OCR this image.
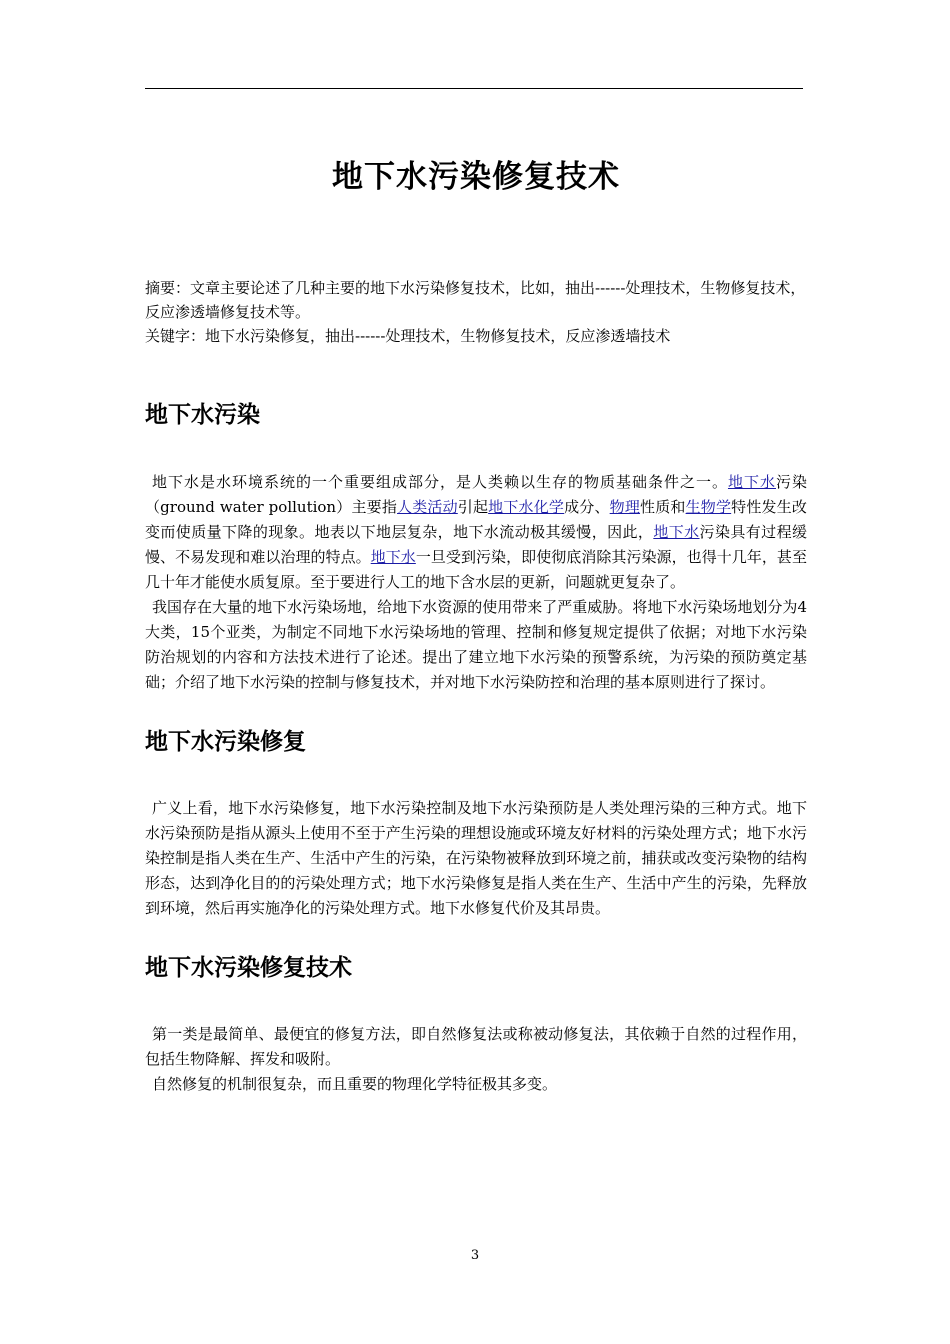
地下水污染修复技术

摘要：文章主要论述了几种主要的地下水污染修复技术，比如，抽出------处理技术，生物修复技术，反应渗透墙修复技术等。

关键字：地下水污染修复，抽出------处理技术，生物修复技术，反应渗透墙技术

地下水污染

地下水是水环境系统的一个重要组成部分，是人类赖以生存的物质基础条件之一。地下水污染（ground water pollution）主要指人类活动引起地下水化学成分、物理性质和生物学特性发生改变而使质量下降的现象。地表以下地层复杂，地下水流动极其缓慢，因此，地下水污染具有过程缓慢、不易发现和难以治理的特点。地下水一旦受到污染，即使彻底消除其污染源，也得十几年，甚至几十年才能使水质复原。至于要进行人工的地下含水层的更新，问题就更复杂了。

我国存在大量的地下水污染场地，给地下水资源的使用带来了严重威胁。将地下水污染场地划分为4大类，15个亚类，为制定不同地下水污染场地的管理、控制和修复规定提供了依据；对地下水污染防治规划的内容和方法技术进行了论述。提出了建立地下水污染的预警系统，为污染的预防奠定基础；介绍了地下水污染的控制与修复技术，并对地下水污染防控和治理的基本原则进行了探讨。

地下水污染修复

广义上看，地下水污染修复，地下水污染控制及地下水污染预防是人类处理污染的三种方式。地下水污染预防是指从源头上使用不至于产生污染的理想设施或环境友好材料的污染处理方式；地下水污染控制是指人类在生产、生活中产生的污染，在污染物被释放到环境之前，捕获或改变污染物的结构形态，达到净化目的的污染处理方式；地下水污染修复是指人类在生产、生活中产生的污染，先释放到环境，然后再实施净化的污染处理方式。地下水修复代价及其昂贵。

地下水污染修复技术

第一类是最简单、最便宜的修复方法，即自然修复法或称被动修复法，其依赖于自然的过程作用，包括生物降解、挥发和吸附。

自然修复的机制很复杂，而且重要的物理化学特征极其多变。

3
